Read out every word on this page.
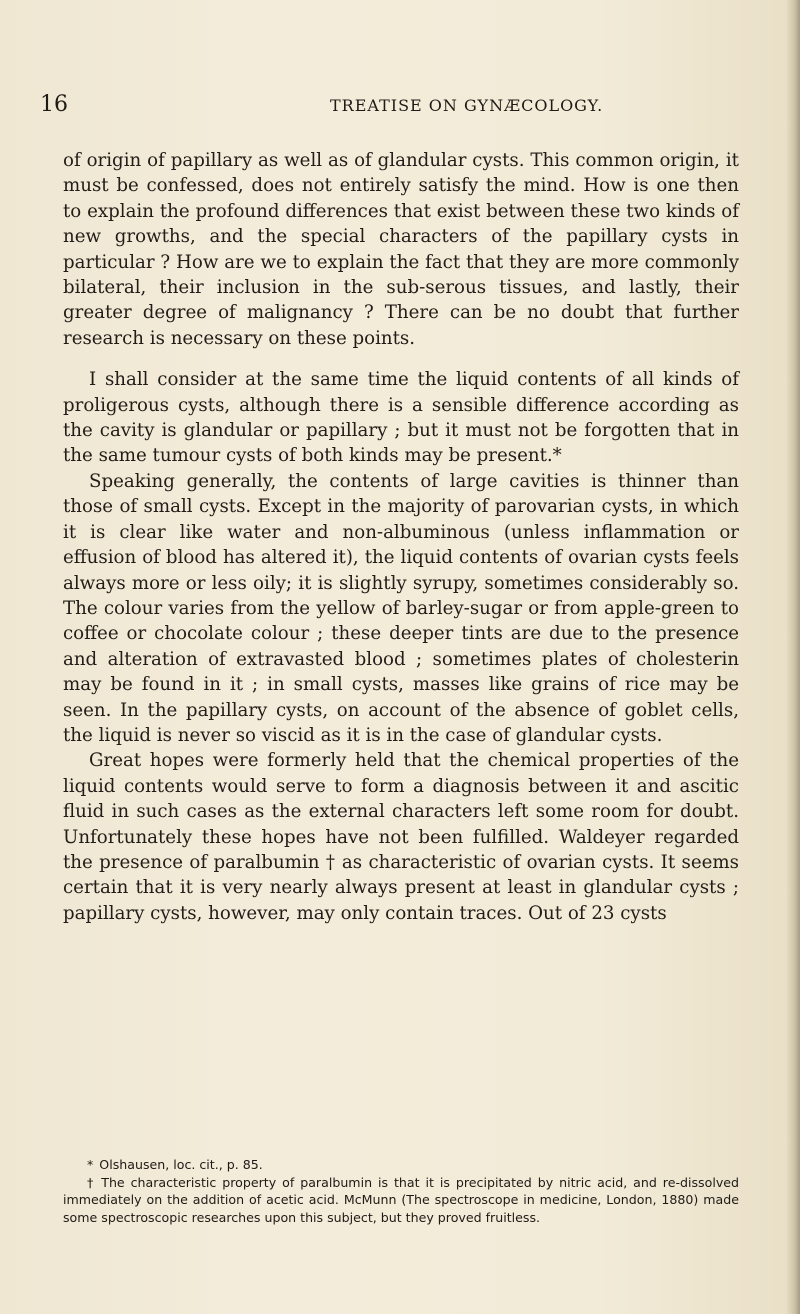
16	TREATISE ON GYNÆCOLOGY.

of origin of papillary as well as of glandular cysts. This common origin, it must be confessed, does not entirely satisfy the mind. How is one then to explain the profound differences that exist between these two kinds of new growths, and the special characters of the papillary cysts in particular ? How are we to explain the fact that they are more commonly bilateral, their inclusion in the sub-serous tissues, and lastly, their greater degree of malignancy ? There can be no doubt that further research is necessary on these points.

I shall consider at the same time the liquid contents of all kinds of proligerous cysts, although there is a sensible difference according as the cavity is glandular or papillary ; but it must not be forgotten that in the same tumour cysts of both kinds may be present.*

Speaking generally, the contents of large cavities is thinner than those of small cysts. Except in the majority of parovarian cysts, in which it is clear like water and non-albuminous (unless inflammation or effusion of blood has altered it), the liquid contents of ovarian cysts feels always more or less oily; it is slightly syrupy, sometimes considerably so. The colour varies from the yellow of barley-sugar or from apple-green to coffee or chocolate colour ; these deeper tints are due to the presence and alteration of extravasted blood ; sometimes plates of cholesterin may be found in it ; in small cysts, masses like grains of rice may be seen. In the papillary cysts, on account of the absence of goblet cells, the liquid is never so viscid as it is in the case of glandular cysts.

Great hopes were formerly held that the chemical properties of the liquid contents would serve to form a diagnosis between it and ascitic fluid in such cases as the external characters left some room for doubt. Unfortunately these hopes have not been fulfilled. Waldeyer regarded the presence of paralbumin † as characteristic of ovarian cysts. It seems certain that it is very nearly always present at least in glandular cysts ; papillary cysts, however, may only contain traces. Out of 23 cysts

* Olshausen, loc. cit., p. 85.

† The characteristic property of paralbumin is that it is precipitated by nitric acid, and re-dissolved immediately on the addition of acetic acid. McMunn (The spectroscope in medicine, London, 1880) made some spectroscopic researches upon this subject, but they proved fruitless.
